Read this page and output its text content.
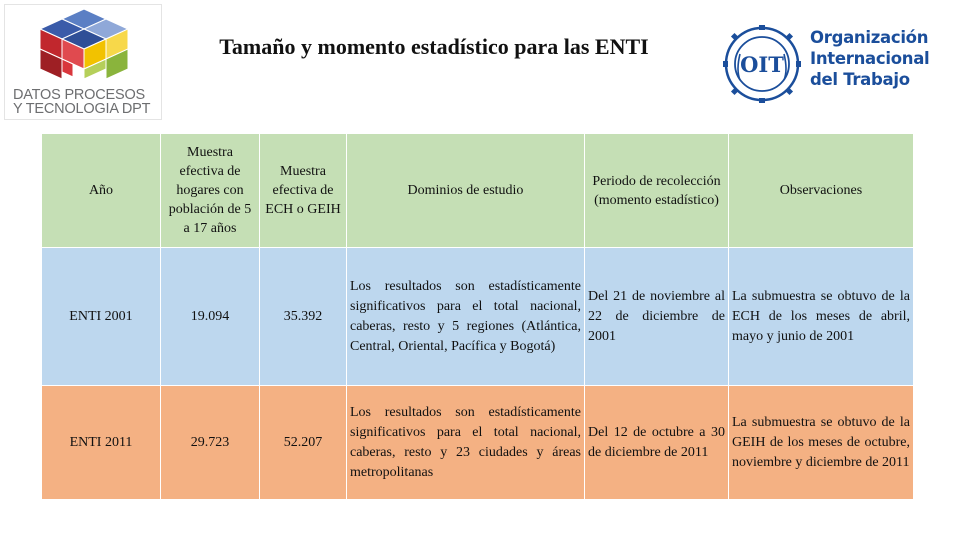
DATOS PROCESOS
Y TECNOLOGIA DPT
Tamaño y momento estadístico para las ENTI
OIT
Organización
Internacional
del Trabajo
Año	Muestra efectiva de hogares con población de 5 a 17 años	Muestra efectiva de ECH o GEIH	Dominios de estudio	Periodo de recolección (momento estadístico)	Observaciones
ENTI 2001	19.094	35.392	Los resultados son estadísticamente significativos para el total nacional, caberas, resto y 5 regiones (Atlántica, Central, Oriental, Pacífica y Bogotá)	Del 21 de noviembre al 22 de diciembre de 2001	La submuestra se obtuvo de la ECH de los meses de abril, mayo y junio de 2001
ENTI 2011	29.723	52.207	Los resultados son estadísticamente significativos para el total nacional, caberas, resto y 23 ciudades y áreas metropolitanas	Del 12 de octubre a 30 de diciembre de 2011	La submuestra se obtuvo de la GEIH de los meses de octubre, noviembre y diciembre de 2011
